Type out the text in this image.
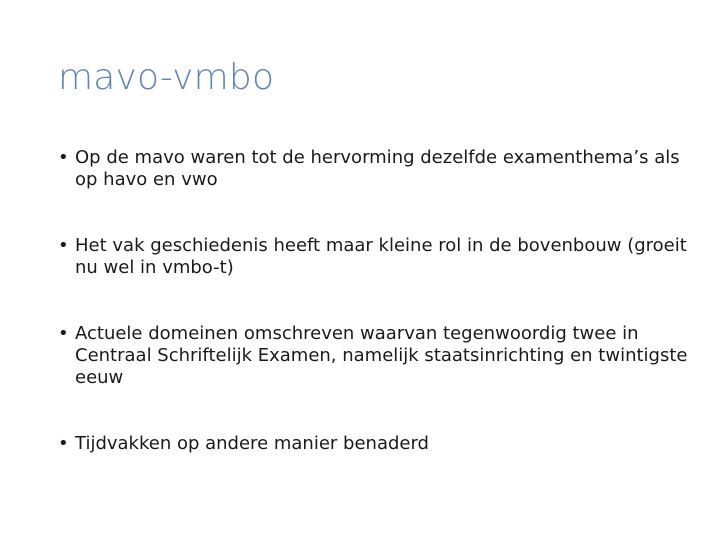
mavo-vmbo
• Op de mavo waren tot de hervorming dezelfde examenthema’s als op havo en vwo
• Het vak geschiedenis heeft maar kleine rol in de bovenbouw (groeit nu wel in vmbo-t)
• Actuele domeinen omschreven waarvan tegenwoordig twee in Centraal Schriftelijk Examen, namelijk staatsinrichting en twintigste eeuw
• Tijdvakken op andere manier benaderd
